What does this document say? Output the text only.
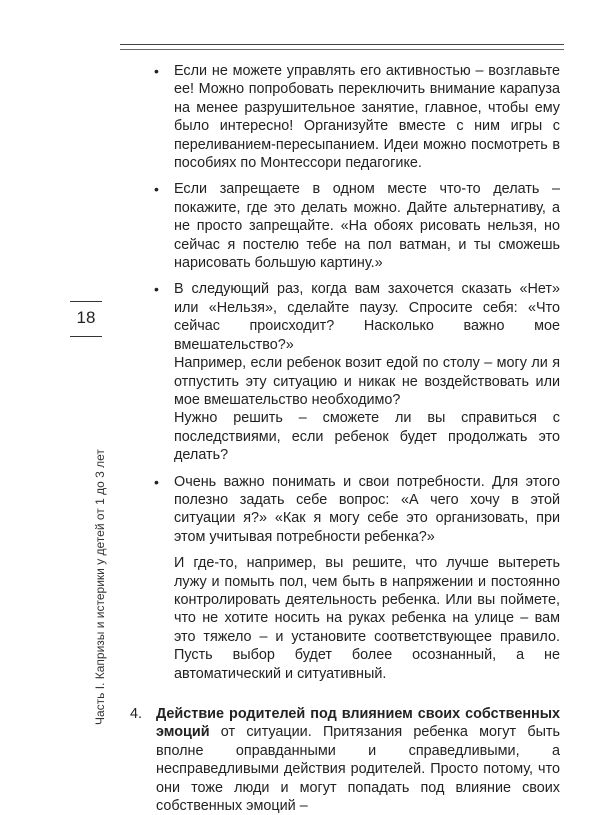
18
Часть I. Капризы и истерики у детей от 1 до 3 лет
• Если не можете управлять его активностью – возглавьте ее! Можно попробовать переключить внимание карапуза на менее разрушительное занятие, главное, чтобы ему было интересно! Организуйте вместе с ним игры с переливанием-пересыпанием. Идеи можно посмотреть в пособиях по Монтессори педагогике.

• Если запрещаете в одном месте что-то делать – покажите, где это делать можно. Дайте альтернативу, а не просто запрещайте. «На обоях рисовать нельзя, но сейчас я постелю тебе на пол ватман, и ты сможешь нарисовать большую картину.»

• В следующий раз, когда вам захочется сказать «Нет» или «Нельзя», сделайте паузу. Спросите себя: «Что сейчас происходит? Насколько важно мое вмешательство?»

Например, если ребенок возит едой по столу – могу ли я отпустить эту ситуацию и никак не воздействовать или мое вмешательство необходимо?

Нужно решить – сможете ли вы справиться с последствиями, если ребенок будет продолжать это делать?

• Очень важно понимать и свои потребности. Для этого полезно задать себе вопрос: «А чего хочу в этой ситуации я?» «Как я могу себе это организовать, при этом учитывая потребности ребенка?»

И где-то, например, вы решите, что лучше вытереть лужу и помыть пол, чем быть в напряжении и постоянно контролировать деятельность ребенка. Или вы поймете, что не хотите носить на руках ребенка на улице – вам это тяжело – и установите соответствующее правило. Пусть выбор будет более осознанный, а не автоматический и ситуативный.

4. Действие родителей под влиянием своих собственных эмоций от ситуации. Притязания ребенка могут быть вполне оправданными и справедливыми, а несправедливыми действия родителей. Просто потому, что они тоже люди и могут попадать под влияние своих собственных эмоций –
